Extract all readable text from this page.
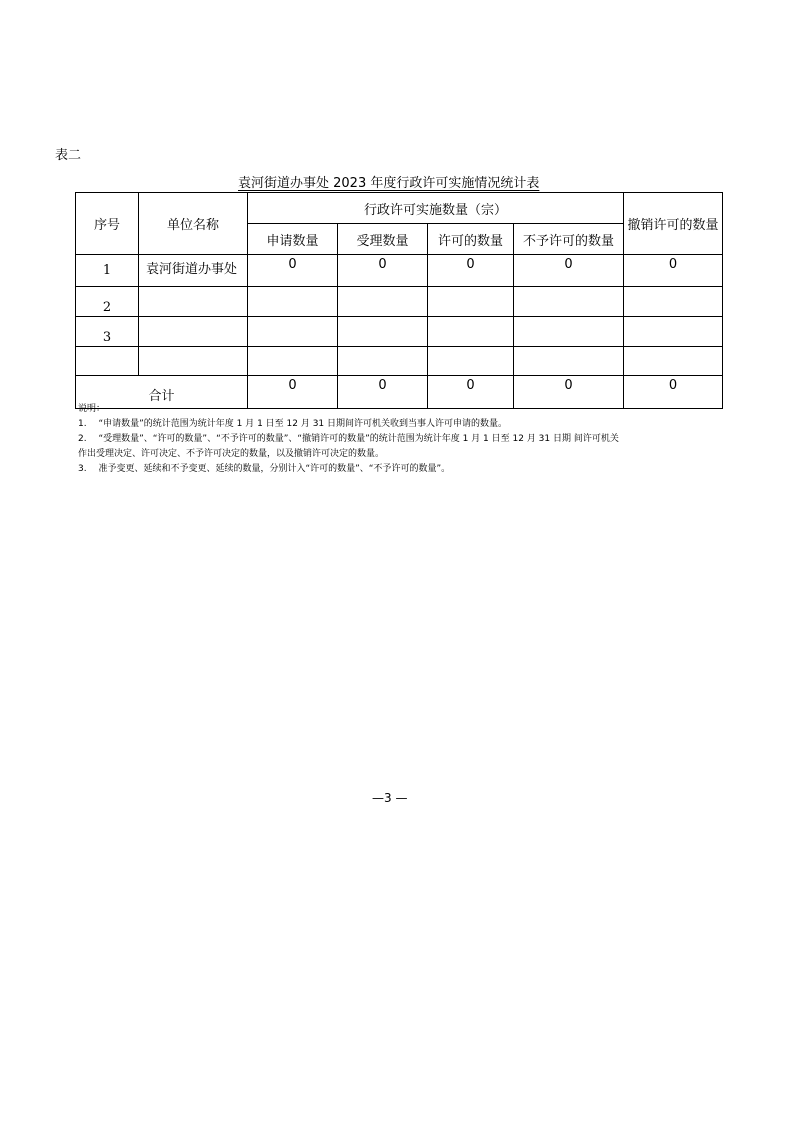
表二
袁河街道办事处 2023 年度行政许可实施情况统计表
序号	单位名称	行政许可实施数量（宗）				撤销许可的数量
		申请数量	受理数量	许可的数量	不予许可的数量	
1	袁河街道办事处	0	0	0	0	0
2						
3						

合计		0	0	0	0	0
说明：
1.　 “申请数量”的统计范围为统计年度 1 月 1 日至 12 月 31 日期间许可机关收到当事人许可申请的数量。
2.　 “受理数量”、“许可的数量”、“不予许可的数量”、“撤销许可的数量”的统计范围为统计年度 1 月 1 日至 12 月 31 日期 间许可机关
作出受理决定、许可决定、不予许可决定的数量，以及撤销许可决定的数量。
3.　 准予变更、延续和不予变更、延续的数量，分别计入“许可的数量”、“不予许可的数量”。
—3 —
